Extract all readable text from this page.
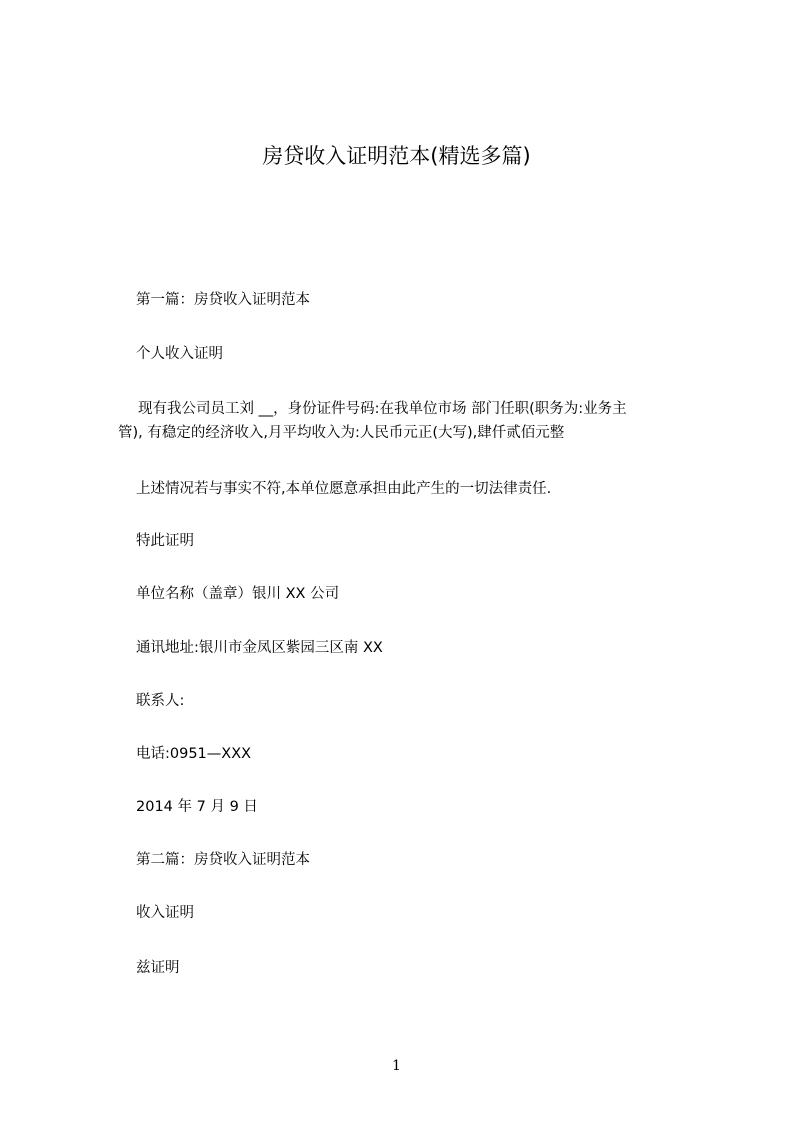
房贷收入证明范本(精选多篇)
第一篇：房贷收入证明范本
个人收入证明
现有我公司员工刘 __，身份证件号码:在我单位市场 部门任职(职务为:业务主
管), 有稳定的经济收入,月平均收入为:人民币元正(大写),肆仟贰佰元整
上述情况若与事实不符,本单位愿意承担由此产生的一切法律责任.
特此证明
单位名称（盖章）银川 XX 公司
通讯地址:银川市金凤区紫园三区南 XX
联系人:
电话:0951—XXX
2014 年 7 月 9 日
第二篇：房贷收入证明范本
收入证明
兹证明
1
